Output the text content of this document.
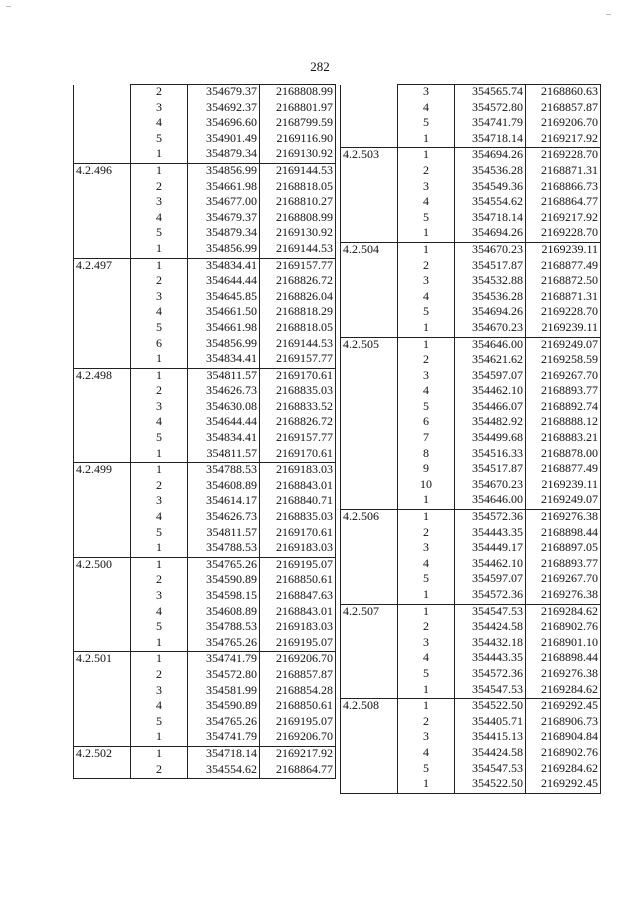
282
	2	354679.37	2168808.99
	3	354692.37	2168801.97
	4	354696.60	2168799.59
	5	354901.49	2169116.90
	1	354879.34	2169130.92
4.2.496	1	354856.99	2169144.53
	2	354661.98	2168818.05
	3	354677.00	2168810.27
	4	354679.37	2168808.99
	5	354879.34	2169130.92
	1	354856.99	2169144.53
4.2.497	1	354834.41	2169157.77
	2	354644.44	2168826.72
	3	354645.85	2168826.04
	4	354661.50	2168818.29
	5	354661.98	2168818.05
	6	354856.99	2169144.53
	1	354834.41	2169157.77
4.2.498	1	354811.57	2169170.61
	2	354626.73	2168835.03
	3	354630.08	2168833.52
	4	354644.44	2168826.72
	5	354834.41	2169157.77
	1	354811.57	2169170.61
4.2.499	1	354788.53	2169183.03
	2	354608.89	2168843.01
	3	354614.17	2168840.71
	4	354626.73	2168835.03
	5	354811.57	2169170.61
	1	354788.53	2169183.03
4.2.500	1	354765.26	2169195.07
	2	354590.89	2168850.61
	3	354598.15	2168847.63
	4	354608.89	2168843.01
	5	354788.53	2169183.03
	1	354765.26	2169195.07
4.2.501	1	354741.79	2169206.70
	2	354572.80	2168857.87
	3	354581.99	2168854.28
	4	354590.89	2168850.61
	5	354765.26	2169195.07
	1	354741.79	2169206.70
4.2.502	1	354718.14	2169217.92
	2	354554.62	2168864.77
	3	354565.74	2168860.63
	4	354572.80	2168857.87
	5	354741.79	2169206.70
	1	354718.14	2169217.92
4.2.503	1	354694.26	2169228.70
	2	354536.28	2168871.31
	3	354549.36	2168866.73
	4	354554.62	2168864.77
	5	354718.14	2169217.92
	1	354694.26	2169228.70
4.2.504	1	354670.23	2169239.11
	2	354517.87	2168877.49
	3	354532.88	2168872.50
	4	354536.28	2168871.31
	5	354694.26	2169228.70
	1	354670.23	2169239.11
4.2.505	1	354646.00	2169249.07
	2	354621.62	2169258.59
	3	354597.07	2169267.70
	4	354462.10	2168893.77
	5	354466.07	2168892.74
	6	354482.92	2168888.12
	7	354499.68	2168883.21
	8	354516.33	2168878.00
	9	354517.87	2168877.49
	10	354670.23	2169239.11
	1	354646.00	2169249.07
4.2.506	1	354572.36	2169276.38
	2	354443.35	2168898.44
	3	354449.17	2168897.05
	4	354462.10	2168893.77
	5	354597.07	2169267.70
	1	354572.36	2169276.38
4.2.507	1	354547.53	2169284.62
	2	354424.58	2168902.76
	3	354432.18	2168901.10
	4	354443.35	2168898.44
	5	354572.36	2169276.38
	1	354547.53	2169284.62
4.2.508	1	354522.50	2169292.45
	2	354405.71	2168906.73
	3	354415.13	2168904.84
	4	354424.58	2168902.76
	5	354547.53	2169284.62
	1	354522.50	2169292.45
